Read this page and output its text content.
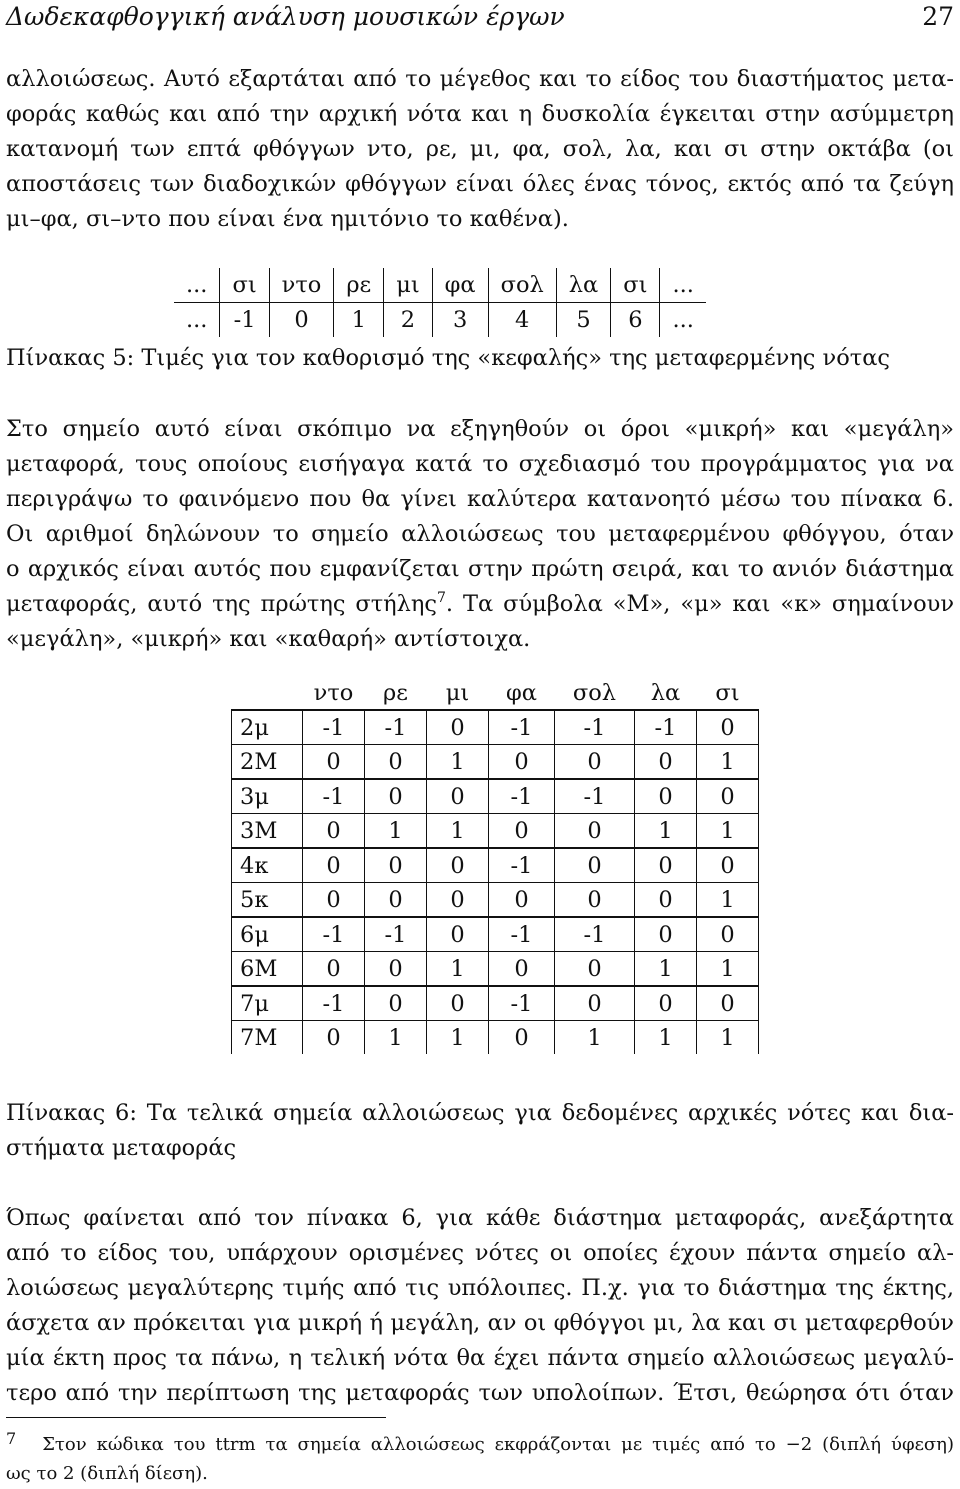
Δωδεκαφθογγική ανάλυση μουσικών έργων	27
αλλοιώσεως. Αυτό εξαρτάται από το μέγεθος και το είδος του διαστήματος μετα-
φοράς καθώς και από την αρχική νότα και η δυσκολία έγκειται στην ασύμμετρη
κατανομή των επτά φθόγγων ντο, ρε, μι, φα, σολ, λα, και σι στην οκτάβα (οι
αποστάσεις των διαδοχικών φθόγγων είναι όλες ένας τόνος, εκτός από τα ζεύγη
μι–φα, σι–ντο που είναι ένα ημιτόνιο το καθένα).
...	σι	ντο	ρε	μι	φα	σολ	λα	σι	...
...	-1	0	1	2	3	4	5	6	...
Πίνακας 5: Τιμές για τον καθορισμό της «κεφαλής» της μεταφερμένης νότας
Στο σημείο αυτό είναι σκόπιμο να εξηγηθούν οι όροι «μικρή» και «μεγάλη»
μεταφορά, τους οποίους εισήγαγα κατά το σχεδιασμό του προγράμματος για να
περιγράψω το φαινόμενο που θα γίνει καλύτερα κατανοητό μέσω του πίνακα 6.
Οι αριθμοί δηλώνουν το σημείο αλλοιώσεως του μεταφερμένου φθόγγου, όταν
ο αρχικός είναι αυτός που εμφανίζεται στην πρώτη σειρά, και το ανιόν διάστημα
μεταφοράς, αυτό της πρώτης στήλης$^7$. Τα σύμβολα «Μ», «μ» και «κ» σημαίνουν
«μεγάλη», «μικρή» και «καθαρή» αντίστοιχα.
	ντο	ρε	μι	φα	σολ	λα	σι
2μ	-1	-1	0	-1	-1	-1	0
2Μ	0	0	1	0	0	0	1
3μ	-1	0	0	-1	-1	0	0
3Μ	0	1	1	0	0	1	1
4κ	0	0	0	-1	0	0	0
5κ	0	0	0	0	0	0	1
6μ	-1	-1	0	-1	-1	0	0
6Μ	0	0	1	0	0	1	1
7μ	-1	0	0	-1	0	0	0
7Μ	0	1	1	0	1	1	1
Πίνακας 6: Τα τελικά σημεία αλλοιώσεως για δεδομένες αρχικές νότες και δια-
στήματα μεταφοράς
Όπως φαίνεται από τον πίνακα 6, για κάθε διάστημα μεταφοράς, ανεξάρτητα
από το είδος του, υπάρχουν ορισμένες νότες οι οποίες έχουν πάντα σημείο αλ-
λοιώσεως μεγαλύτερης τιμής από τις υπόλοιπες. Π.χ. για το διάστημα της έκτης,
άσχετα αν πρόκειται για μικρή ή μεγάλη, αν οι φθόγγοι μι, λα και σι μεταφερθούν
μία έκτη προς τα πάνω, η τελική νότα θα έχει πάντα σημείο αλλοιώσεως μεγαλύ-
τερο από την περίπτωση της μεταφοράς των υπολοίπων. Έτσι, θεώρησα ότι όταν
7 Στον κώδικα του ttrm τα σημεία αλλοιώσεως εκφράζονται με τιμές από το −2 (διπλή ύφεση)
ως το 2 (διπλή δίεση).
